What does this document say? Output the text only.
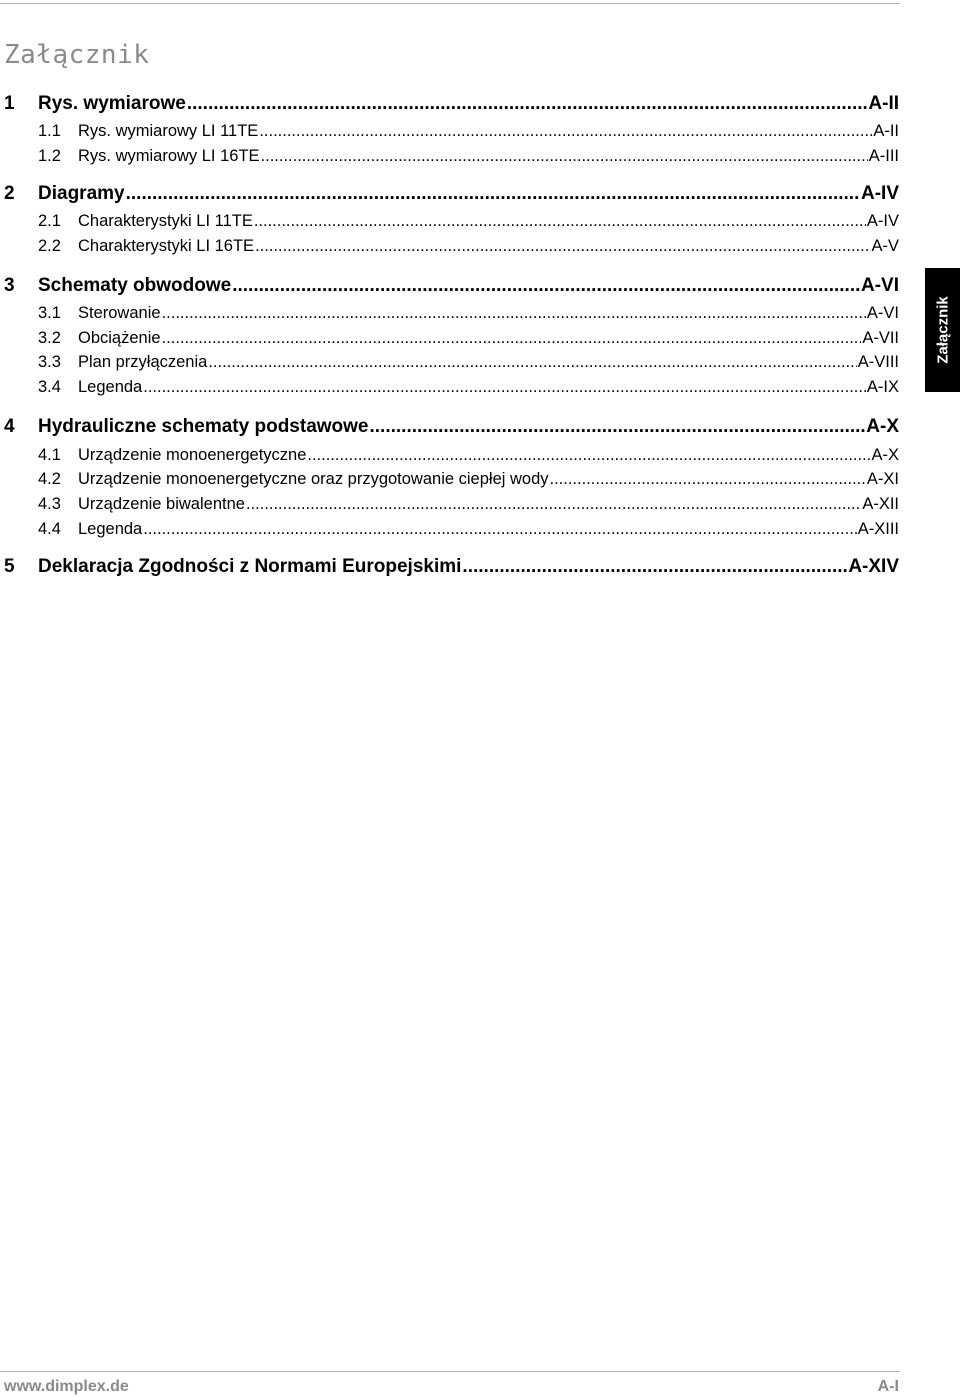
Załącznik
1	Rys. wymiarowe .....	A-II
1.1	Rys. wymiarowy LI 11TE .....	A-II
1.2	Rys. wymiarowy LI 16TE .....	A-III
2	Diagramy .....	A-IV
2.1	Charakterystyki LI 11TE .....	A-IV
2.2	Charakterystyki LI 16TE .....	A-V
3	Schematy obwodowe .....	A-VI
3.1	Sterowanie .....	A-VI
3.2	Obciążenie .....	A-VII
3.3	Plan przyłączenia .....	A-VIII
3.4	Legenda .....	A-IX
4	Hydrauliczne schematy podstawowe .....	A-X
4.1	Urządzenie monoenergetyczne .....	A-X
4.2	Urządzenie monoenergetyczne oraz przygotowanie ciepłej wody .....	A-XI
4.3	Urządzenie biwalentne .....	A-XII
4.4	Legenda .....	A-XIII
5	Deklaracja Zgodności z Normami Europejskimi .....	A-XIV
Załącznik
www.dimplex.de	A-I
